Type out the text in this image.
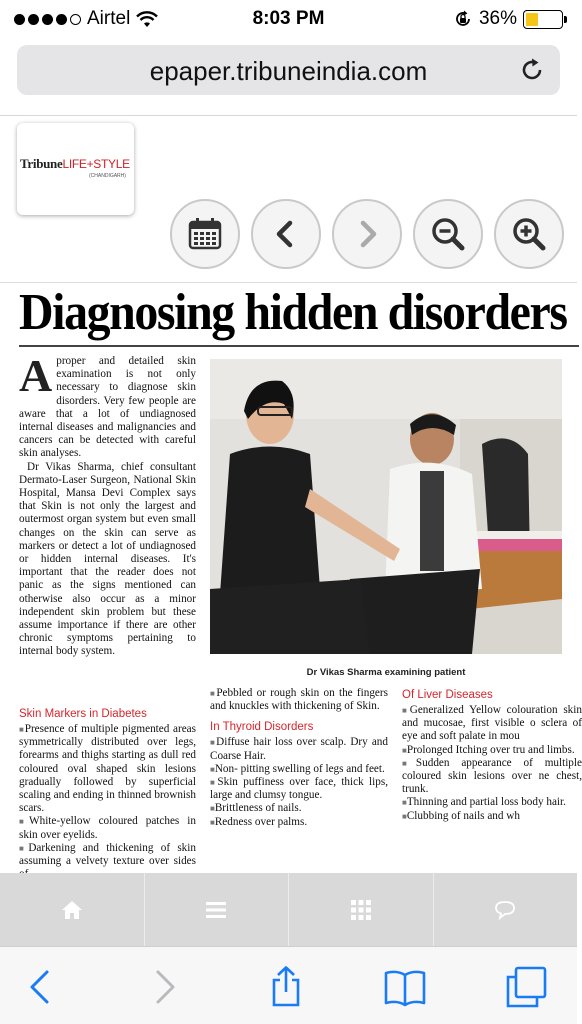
Airtel	8:03 PM	36%
epaper.tribuneindia.com
TribuneLIFE+STYLE
(CHANDIGARH)
Diagnosing hidden disorders

Aproper and detailed skin examination is not only necessary to diagnose skin disorders. Very few people are aware that a lot of undiagnosed internal diseases and malignancies and cancers can be detected with careful skin analyses.

Dr Vikas Sharma, chief consultant Dermato-Laser Surgeon, National Skin Hospital, Mansa Devi Complex says that Skin is not only the largest and outermost organ system but even small changes on the skin can serve as markers or detect a lot of undiagnosed or hidden internal diseases. It's important that the reader does not panic as the signs mentioned can otherwise also occur as a minor independent skin problem but these assume importance if there are other chronic symptoms pertaining to internal body system.

Skin Markers in Diabetes
■ Presence of multiple pigmented areas symmetrically distributed over legs, forearms and thighs starting as dull red coloured oval shaped skin lesions gradually followed by superficial scaling and ending in thinned brownish scars.
■ White-yellow coloured patches in skin over eyelids.
■ Darkening and thickening of skin assuming a velvety texture over sides
Dr Vikas Sharma examining patient
■ Pebbled or rough skin on the fingers and knuckles with thickening of Skin.
In Thyroid Disorders
■ Diffuse hair loss over scalp. Dry and Coarse Hair.
■ Non- pitting swelling of legs and feet.
■ Skin puffiness over face, thick lips, large and clumsy tongue.
■ Brittleness of nails.
■ Redness over palms.
Of Liver Diseases
■ Generalized Yellow colouration skin and mucosae, first visible o sclera of eye and soft palate in mou
■ Prolonged Itching over tru and limbs.
■ Sudden appearance of multiple coloured skin lesions over ne chest, trunk.
■ Thinning and partial loss body hair.
■ Clubbing of nails and wh
